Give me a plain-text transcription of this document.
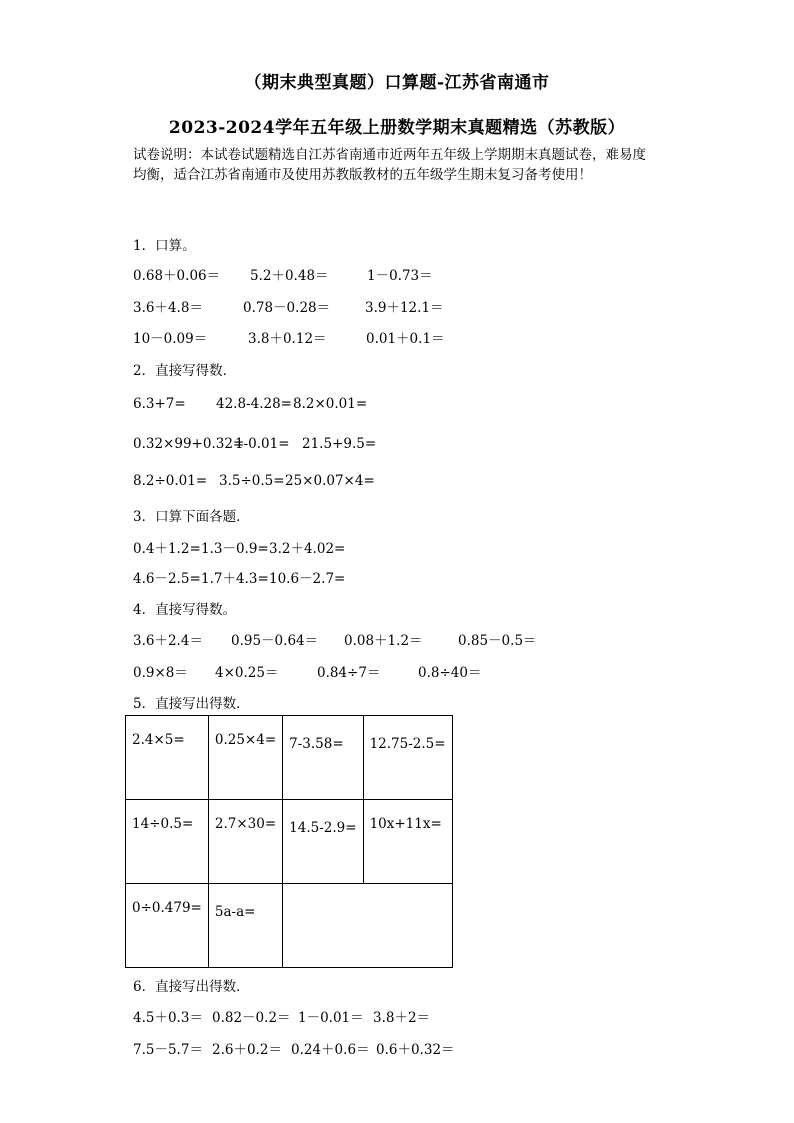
（期末典型真题）口算题-江苏省南通市
2023-2024学年五年级上册数学期末真题精选（苏教版）
试卷说明：本试卷试题精选自江苏省南通市近两年五年级上学期期末真题试卷，难易度
均衡，适合江苏省南通市及使用苏教版教材的五年级学生期末复习备考使用！
1．口算。
0.68＋0.06＝ 5.2＋0.48＝	1－0.73＝
3.6＋4.8＝	0.78－0.28＝	3.9＋12.1＝
10－0.09＝	3.8＋0.12＝	0.01＋0.1＝
2．直接写得数．
6.3+7= 42.8-4.28= 8.2×0.01=
0.32×99+0.32=
1-0.01= 21.5+9.5=
8.2÷0.01= 3.5÷0.5= 25×0.07×4=
3．口算下面各题．
0.4＋1.2= 1.3－0.9= 3.2＋4.02=
4.6－2.5= 1.7＋4.3= 10.6－2.7=
4．直接写得数。
3.6＋2.4＝ 0.95－0.64＝ 0.08＋1.2＝	0.85－0.5＝
0.9×8＝ 4×0.25＝	0.84÷7＝	0.8÷40＝
5．直接写出得数．
2.4×5=	0.25×4=	7-3.58=	12.75-2.5=
14÷0.5=	2.7×30=	14.5-2.9=	10x+11x=
0÷0.479=	5a-a=		
6．直接写出得数．
4.5＋0.3＝ 0.82－0.2＝ 1－0.01＝ 3.8＋2＝
7.5－5.7＝ 2.6＋0.2＝ 0.24＋0.6＝ 0.6＋0.32＝
